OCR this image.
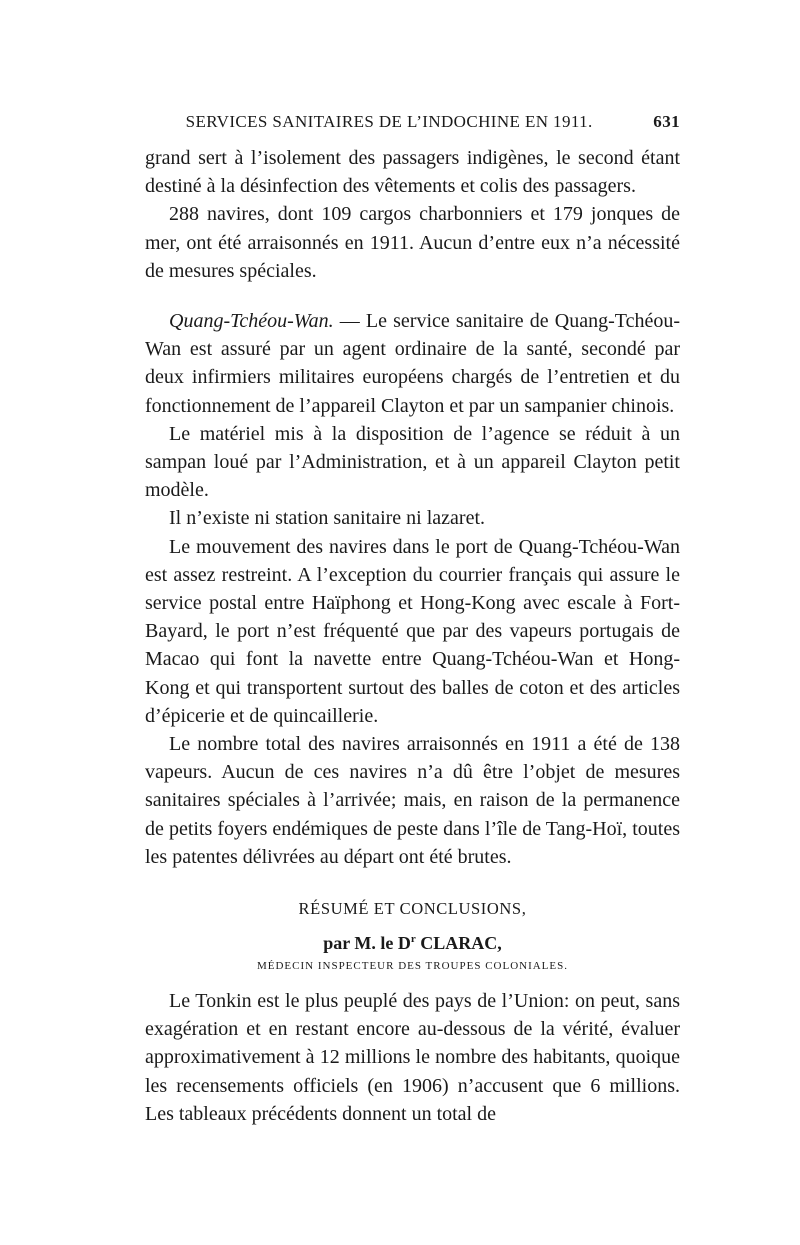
SERVICES SANITAIRES DE L’INDOCHINE EN 1911.	631

grand sert à l’isolement des passagers indigènes, le second étant destiné à la désinfection des vêtements et colis des passagers.

288 navires, dont 109 cargos charbonniers et 179 jonques de mer, ont été arraisonnés en 1911. Aucun d’entre eux n’a nécessité de mesures spéciales.

Quang-Tchéou-Wan. — Le service sanitaire de Quang-Tchéou-Wan est assuré par un agent ordinaire de la santé, secondé par deux infirmiers militaires européens chargés de l’entretien et du fonctionnement de l’appareil Clayton et par un sampanier chinois.

Le matériel mis à la disposition de l’agence se réduit à un sampan loué par l’Administration, et à un appareil Clayton petit modèle.

Il n’existe ni station sanitaire ni lazaret.

Le mouvement des navires dans le port de Quang-Tchéou-Wan est assez restreint. A l’exception du courrier français qui assure le service postal entre Haïphong et Hong-Kong avec escale à Fort-Bayard, le port n’est fréquenté que par des vapeurs portugais de Macao qui font la navette entre Quang-Tchéou-Wan et Hong-Kong et qui transportent surtout des balles de coton et des articles d’épicerie et de quincaillerie.

Le nombre total des navires arraisonnés en 1911 a été de 138 vapeurs. Aucun de ces navires n’a dû être l’objet de mesures sanitaires spéciales à l’arrivée; mais, en raison de la permanence de petits foyers endémiques de peste dans l’île de Tang-Hoï, toutes les patentes délivrées au départ ont été brutes.

RÉSUMÉ ET CONCLUSIONS,
par M. le $D^r$ CLARAC,
MÉDECIN INSPECTEUR DES TROUPES COLONIALES.

Le Tonkin est le plus peuplé des pays de l’Union: on peut, sans exagération et en restant encore au-dessous de la vérité, évaluer approximativement à 12 millions le nombre des habitants, quoique les recensements officiels (en 1906) n’accusent que 6 millions. Les tableaux précédents donnent un total de
